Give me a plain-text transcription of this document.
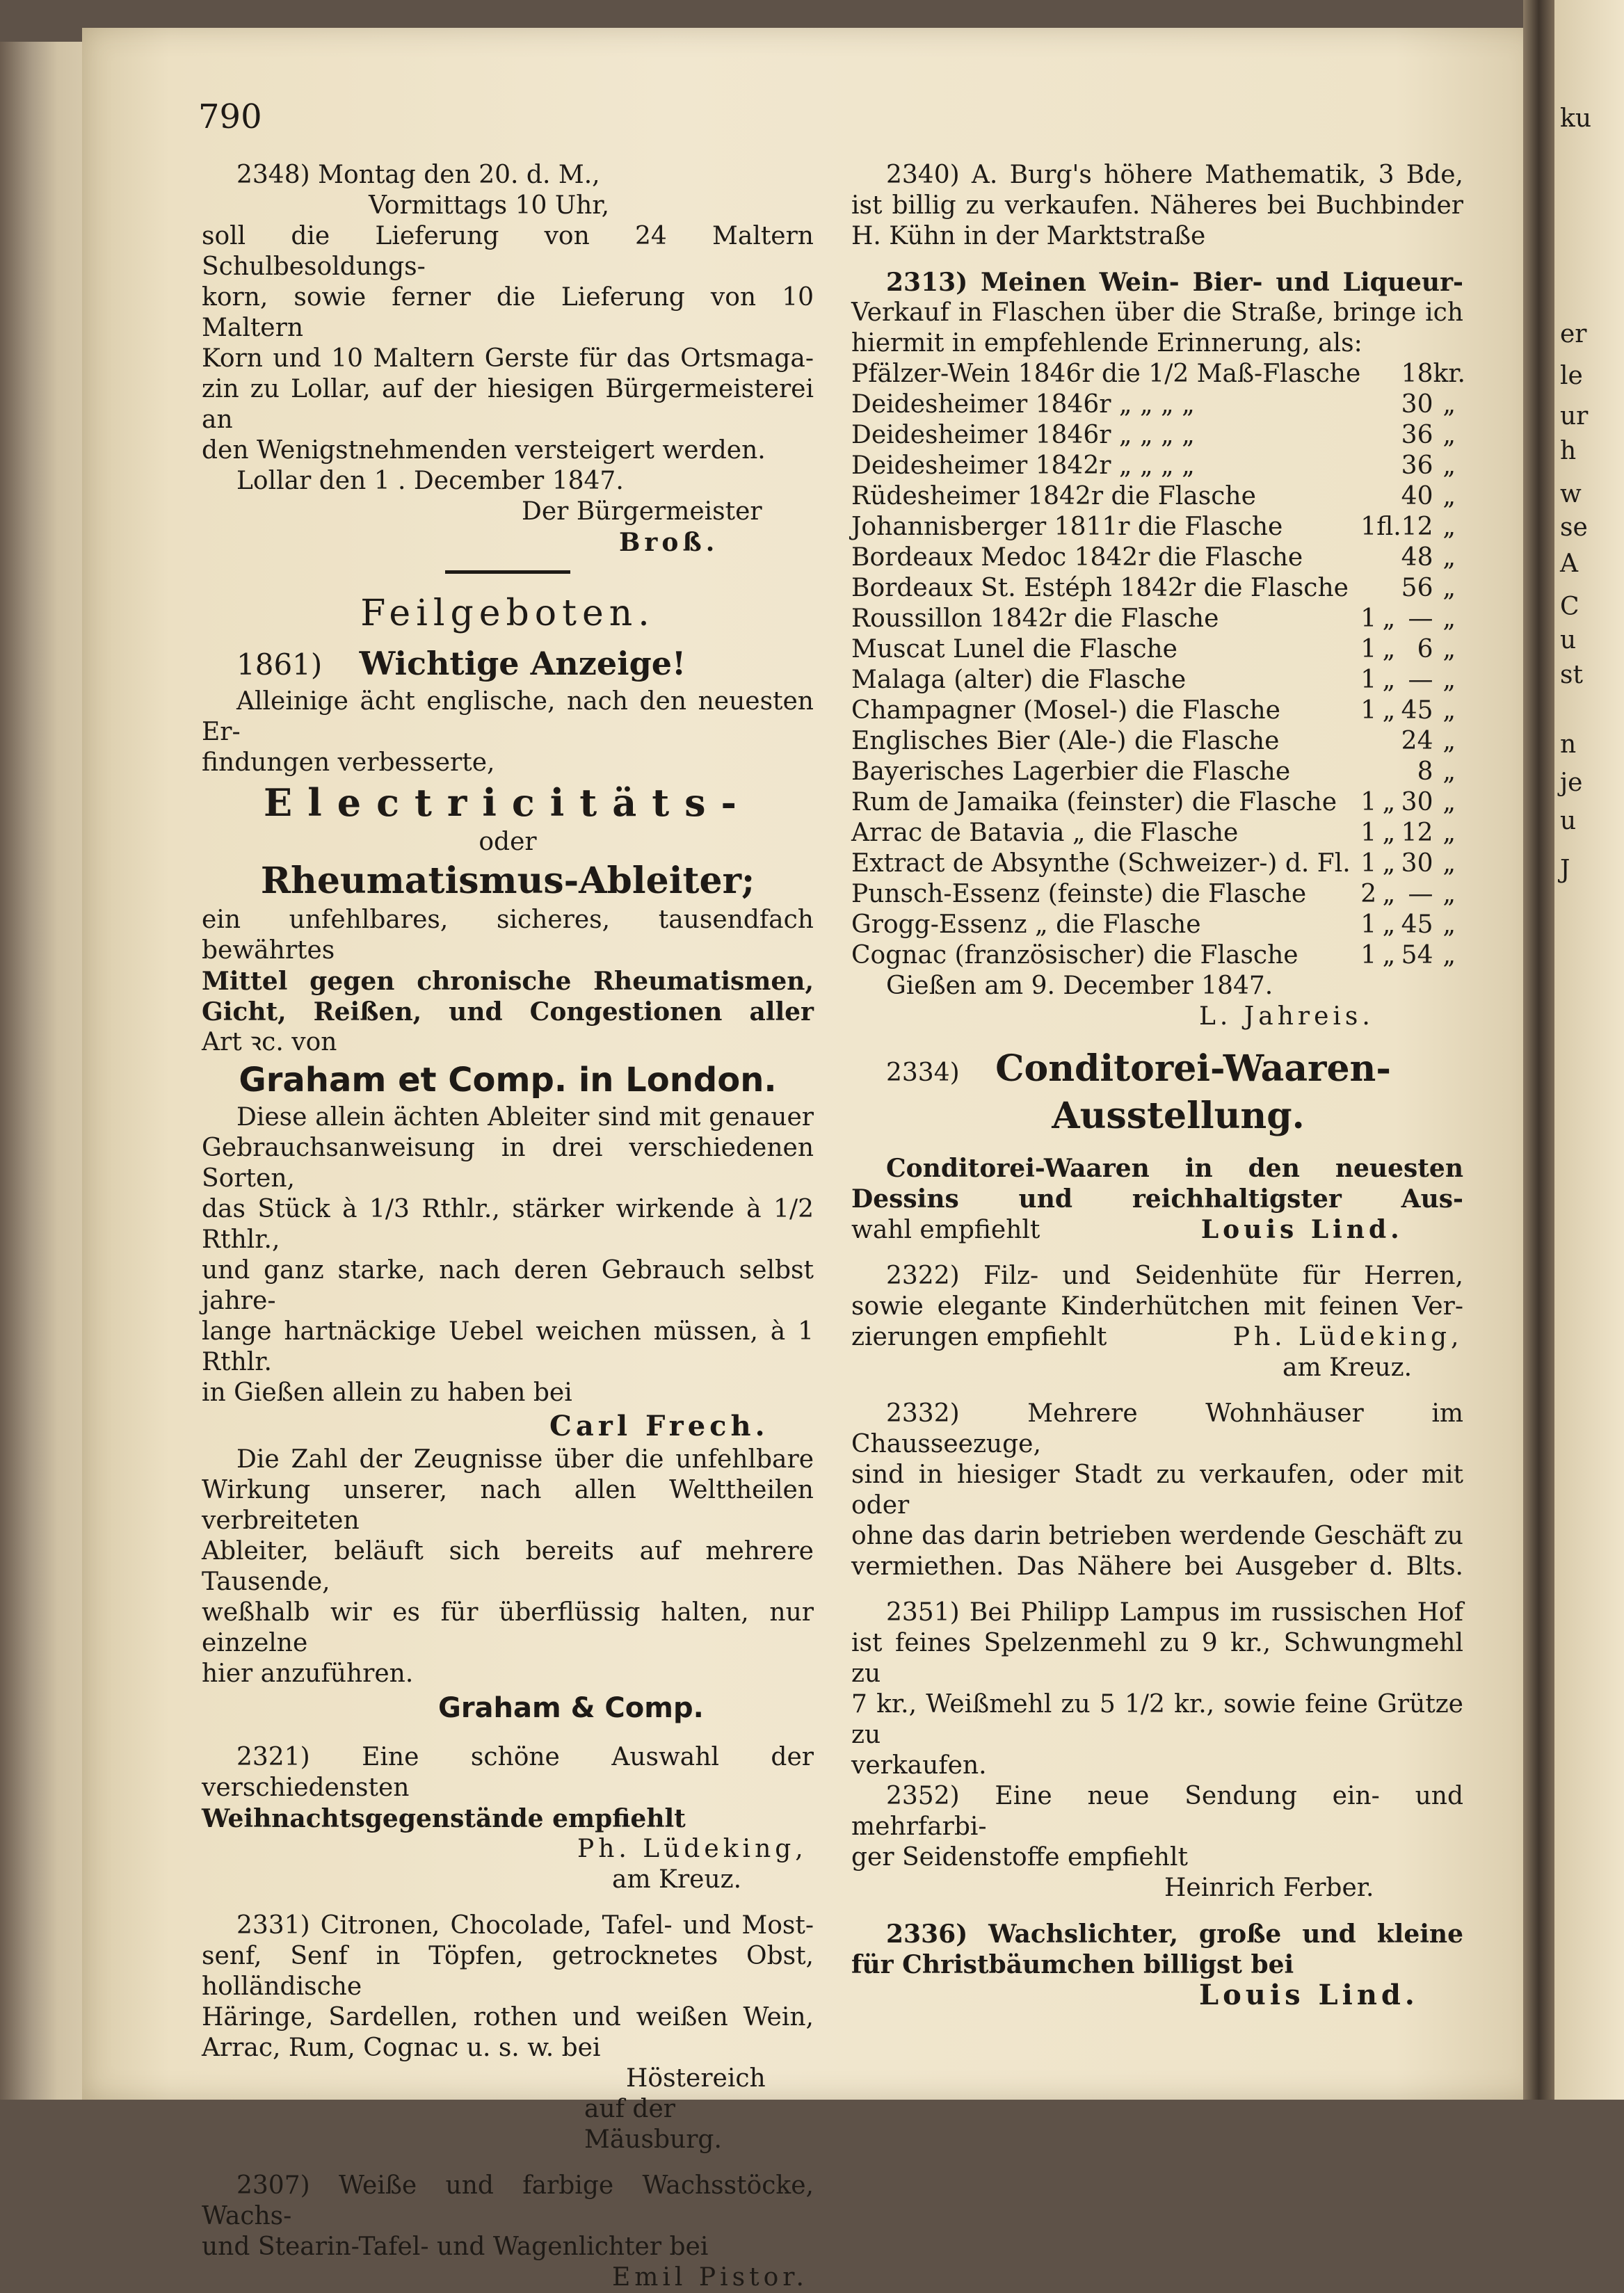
ku
er
le
ur
h
w
se
A
C
u
st
n
je
u
J
790

2348) Montag den 20. d. M.,

Vormittags 10 Uhr,

soll die Lieferung von 24 Maltern Schulbesoldungs-

korn, sowie ferner die Lieferung von 10 Maltern

Korn und 10 Maltern Gerste für das Ortsmaga-

zin zu Lollar, auf der hiesigen Bürgermeisterei an

den Wenigstnehmenden versteigert werden.

Lollar den 1 . December 1847.

Der Bürgermeister

Broß.

Feilgeboten.

1861) Wichtige Anzeige!

Alleinige ächt englische, nach den neuesten Er-

findungen verbesserte,

Electricitäts-

oder

Rheumatismus-Ableiter;

ein unfehlbares, sicheres, tausendfach bewährtes

Mittel gegen chronische Rheumatismen,

Gicht, Reißen, und Congestionen aller

Art ꝛc. von

Graham et Comp. in London.

Diese allein ächten Ableiter sind mit genauer

Gebrauchsanweisung in drei verschiedenen Sorten,

das Stück à 1/3 Rthlr., stärker wirkende à 1/2 Rthlr.,

und ganz starke, nach deren Gebrauch selbst jahre-

lange hartnäckige Uebel weichen müssen, à 1 Rthlr.

in Gießen allein zu haben bei

Carl Frech.

Die Zahl der Zeugnisse über die unfehlbare

Wirkung unserer, nach allen Welttheilen verbreiteten

Ableiter, beläuft sich bereits auf mehrere Tausende,

weßhalb wir es für überflüssig halten, nur einzelne

hier anzuführen.

Graham & Comp.

2321) Eine schöne Auswahl der verschiedensten

Weihnachtsgegenstände empfiehlt

Ph. Lüdeking,

am Kreuz.

2331) Citronen, Chocolade, Tafel- und Most-

senf, Senf in Töpfen, getrocknetes Obst, holländische

Häringe, Sardellen, rothen und weißen Wein,

Arrac, Rum, Cognac u. s. w. bei

Höstereich

auf der Mäusburg.

2307) Weiße und farbige Wachsstöcke, Wachs-

und Stearin-Tafel- und Wagenlichter bei

Emil Pistor.

2340) A. Burg's höhere Mathematik, 3 Bde,

ist billig zu verkaufen. Näheres bei Buchbinder

H. Kühn in der Marktstraße

2313) Meinen Wein- Bier- und Liqueur-

Verkauf in Flaschen über die Straße, bringe ich

hiermit in empfehlende Erinnerung, als:

Pfälzer-Wein 1846r die 1/2 Maß-Flasche			18	kr.
Deidesheimer 1846r „ „ „ „			30	„
Deidesheimer 1846r „ „ „ „			36	„
Deidesheimer 1842r „ „ „ „			36	„
Rüdesheimer 1842r die Flasche			40	„
Johannisberger 1811r die Flasche	1	fl.	12	„
Bordeaux Medoc 1842r die Flasche			48	„
Bordeaux St. Estéph 1842r die Flasche			56	„
Roussillon 1842r die Flasche	1	„	—	„
Muscat Lunel die Flasche	1	„	6	„
Malaga (alter) die Flasche	1	„	—	„
Champagner (Mosel-) die Flasche	1	„	45	„
Englisches Bier (Ale-) die Flasche			24	„
Bayerisches Lagerbier die Flasche			8	„
Rum de Jamaika (feinster) die Flasche	1	„	30	„
Arrac de Batavia „ die Flasche	1	„	12	„
Extract de Absynthe (Schweizer-) d. Fl.	1	„	30	„
Punsch-Essenz (feinste) die Flasche	2	„	—	„
Grogg-Essenz „ die Flasche	1	„	45	„
Cognac (französischer) die Flasche	1	„	54	„

Gießen am 9. December 1847.

L. Jahreis.

2334) Conditorei-Waaren-

Ausstellung.

Conditorei-Waaren in den neuesten

Dessins und reichhaltigster Aus-

wahl empfiehlt	Louis Lind.

2322) Filz- und Seidenhüte für Herren,

sowie elegante Kinderhütchen mit feinen Ver-

zierungen empfiehlt	Ph. Lüdeking,

am Kreuz.

2332) Mehrere Wohnhäuser im Chausseezuge,

sind in hiesiger Stadt zu verkaufen, oder mit oder

ohne das darin betrieben werdende Geschäft zu

vermiethen. Das Nähere bei Ausgeber d. Blts.

2351) Bei Philipp Lampus im russischen Hof

ist feines Spelzenmehl zu 9 kr., Schwungmehl zu

7 kr., Weißmehl zu 5 1/2 kr., sowie feine Grütze zu

verkaufen.

2352) Eine neue Sendung ein- und mehrfarbi-

ger Seidenstoffe empfiehlt

Heinrich Ferber.

2336) Wachslichter, große und kleine

für Christbäumchen billigst bei

Louis Lind.
